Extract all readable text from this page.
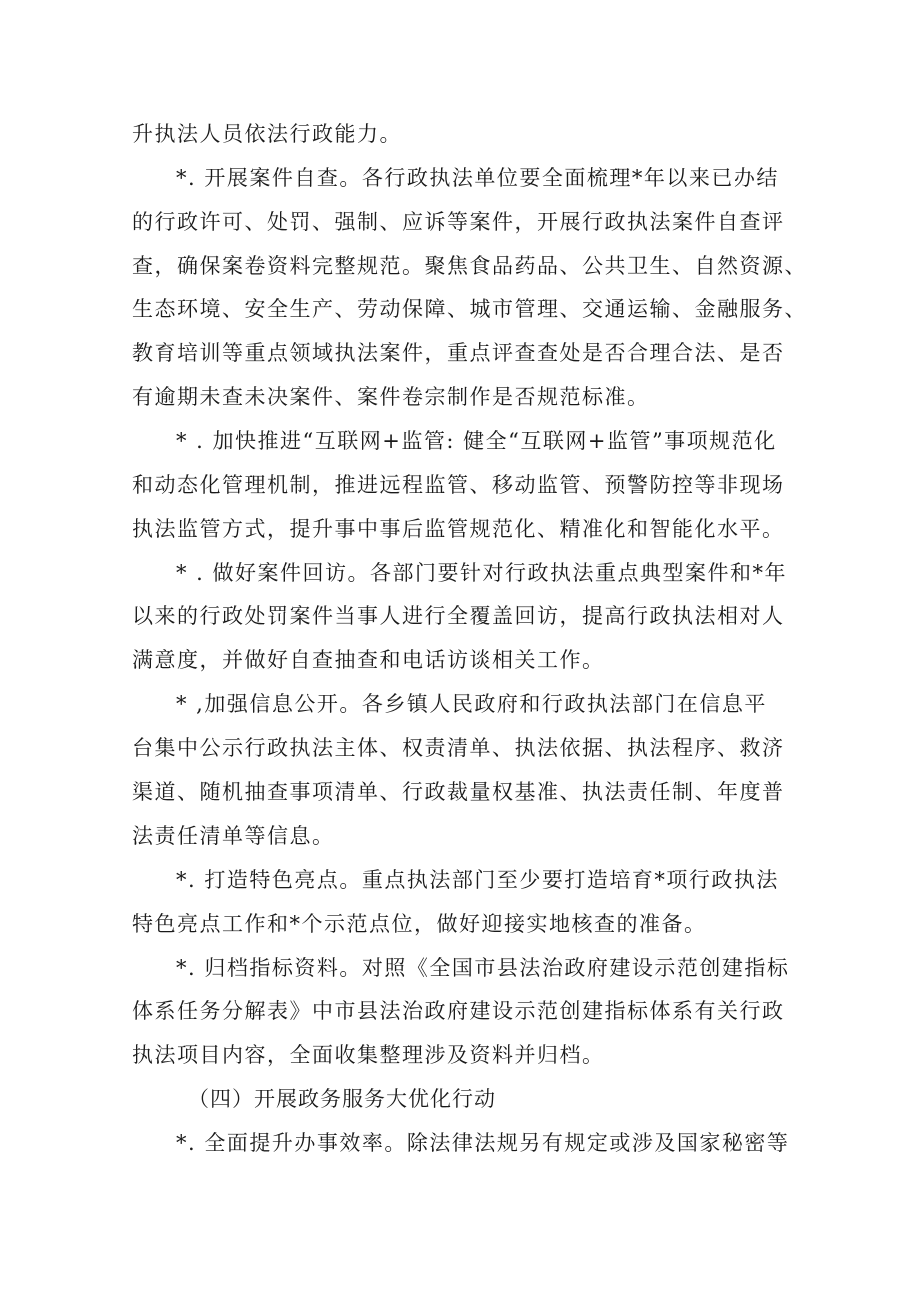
升执法人员依法行政能力。
*. 开展案件自查。各行政执法单位要全面梳理*年以来已办结
的行政许可、处罚、强制、应诉等案件，开展行政执法案件自查评
查，确保案卷资料完整规范。聚焦食品药品、公共卫生、自然资源、
生态环境、安全生产、劳动保障、城市管理、交通运输、金融服务、
教育培训等重点领域执法案件，重点评查查处是否合理合法、是否
有逾期未查未决案件、案件卷宗制作是否规范标准。
* . 加快推进“互联网+监管: 健全“互联网+监管”事项规范化
和动态化管理机制，推进远程监管、移动监管、预警防控等非现场
执法监管方式，提升事中事后监管规范化、精准化和智能化水平。
* . 做好案件回访。各部门要针对行政执法重点典型案件和*年
以来的行政处罚案件当事人进行全覆盖回访，提高行政执法相对人
满意度，并做好自查抽查和电话访谈相关工作。
* ,加强信息公开。各乡镇人民政府和行政执法部门在信息平
台集中公示行政执法主体、权责清单、执法依据、执法程序、救济
渠道、随机抽查事项清单、行政裁量权基准、执法责任制、年度普
法责任清单等信息。
*. 打造特色亮点。重点执法部门至少要打造培育*项行政执法
特色亮点工作和*个示范点位，做好迎接实地核查的准备。
*. 归档指标资料。对照《全国市县法治政府建设示范创建指标
体系任务分解表》中市县法治政府建设示范创建指标体系有关行政
执法项目内容，全面收集整理涉及资料并归档。
（四）开展政务服务大优化行动
*. 全面提升办事效率。除法律法规另有规定或涉及国家秘密等
